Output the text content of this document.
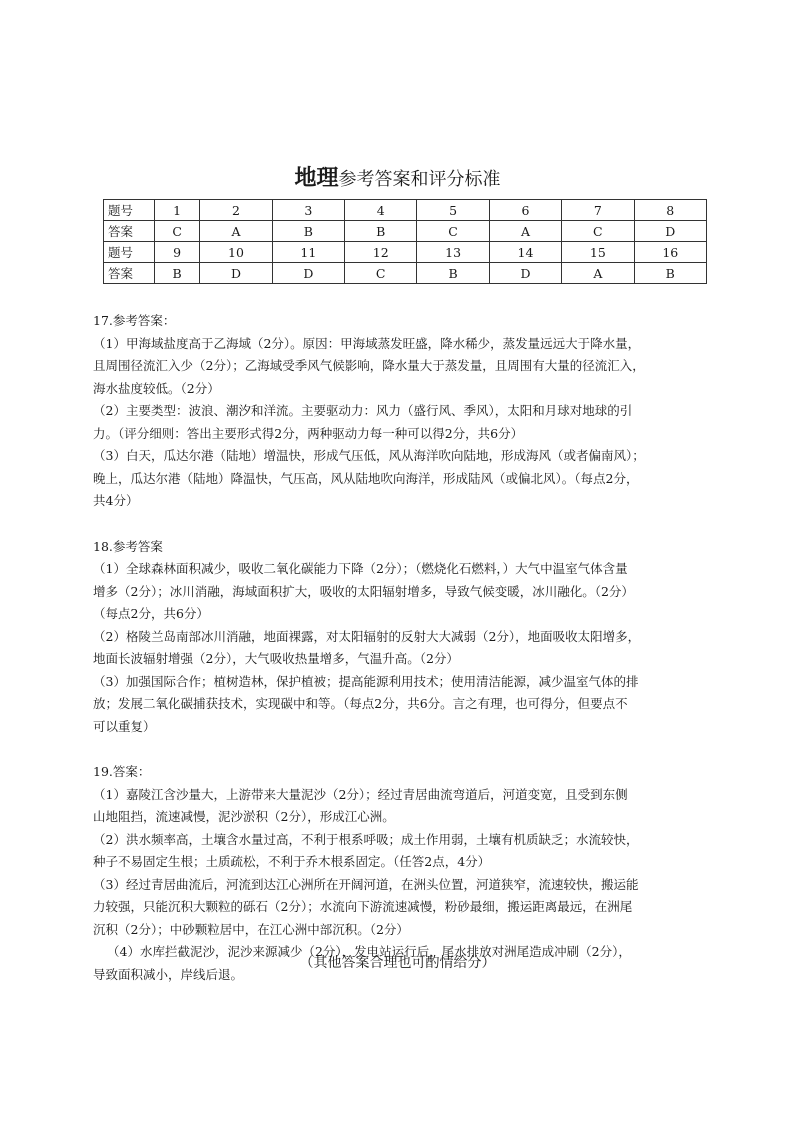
地理参考答案和评分标准
题号	1	2	3	4	5	6	7	8
答案	C	A	B	B	C	A	C	D
题号	9	10	11	12	13	14	15	16
答案	B	D	D	C	B	D	A	B

17.参考答案：

（1）甲海域盐度高于乙海域（2分）。原因：甲海域蒸发旺盛，降水稀少，蒸发量远远大于降水量，

且周围径流汇入少（2分）；乙海域受季风气候影响，降水量大于蒸发量，且周围有大量的径流汇入，

海水盐度较低。（2分）

（2）主要类型：波浪、潮汐和洋流。主要驱动力：风力（盛行风、季风），太阳和月球对地球的引

力。（评分细则：答出主要形式得2分，两种驱动力每一种可以得2分，共6分）

（3）白天，瓜达尔港（陆地）增温快，形成气压低，风从海洋吹向陆地，形成海风（或者偏南风）；

晚上，瓜达尔港（陆地）降温快，气压高，风从陆地吹向海洋，形成陆风（或偏北风）。（每点2分，

共4分）

18.参考答案

（1）全球森林面积减少，吸收二氧化碳能力下降（2分）；（燃烧化石燃料，）大气中温室气体含量

增多（2分）；冰川消融，海域面积扩大，吸收的太阳辐射增多，导致气候变暖，冰川融化。（2分）

（每点2分，共6分）

（2）格陵兰岛南部冰川消融，地面裸露，对太阳辐射的反射大大减弱（2分），地面吸收太阳增多，

地面长波辐射增强（2分），大气吸收热量增多，气温升高。（2分）

（3）加强国际合作；植树造林，保护植被；提高能源利用技术；使用清洁能源，减少温室气体的排

放；发展二氧化碳捕获技术，实现碳中和等。（每点2分，共6分。言之有理，也可得分，但要点不

可以重复）

19.答案：

（1）嘉陵江含沙量大，上游带来大量泥沙（2分）；经过青居曲流弯道后，河道变宽，且受到东侧

山地阻挡，流速减慢，泥沙淤积（2分），形成江心洲。

（2）洪水频率高，土壤含水量过高，不利于根系呼吸；成土作用弱，土壤有机质缺乏；水流较快，

种子不易固定生根；土质疏松，不利于乔木根系固定。（任答2点，4分）

（3）经过青居曲流后，河流到达江心洲所在开阔河道，在洲头位置，河道狭窄，流速较快，搬运能

力较强，只能沉积大颗粒的砾石（2分）；水流向下游流速减慢，粉砂最细，搬运距离最远，在洲尾

沉积（2分）；中砂颗粒居中，在江心洲中部沉积。（2分）

（4）水库拦截泥沙，泥沙来源减少（2分），发电站运行后，尾水排放对洲尾造成冲刷（2分），

导致面积减小，岸线后退。

（其他答案合理也可酌情给分）
